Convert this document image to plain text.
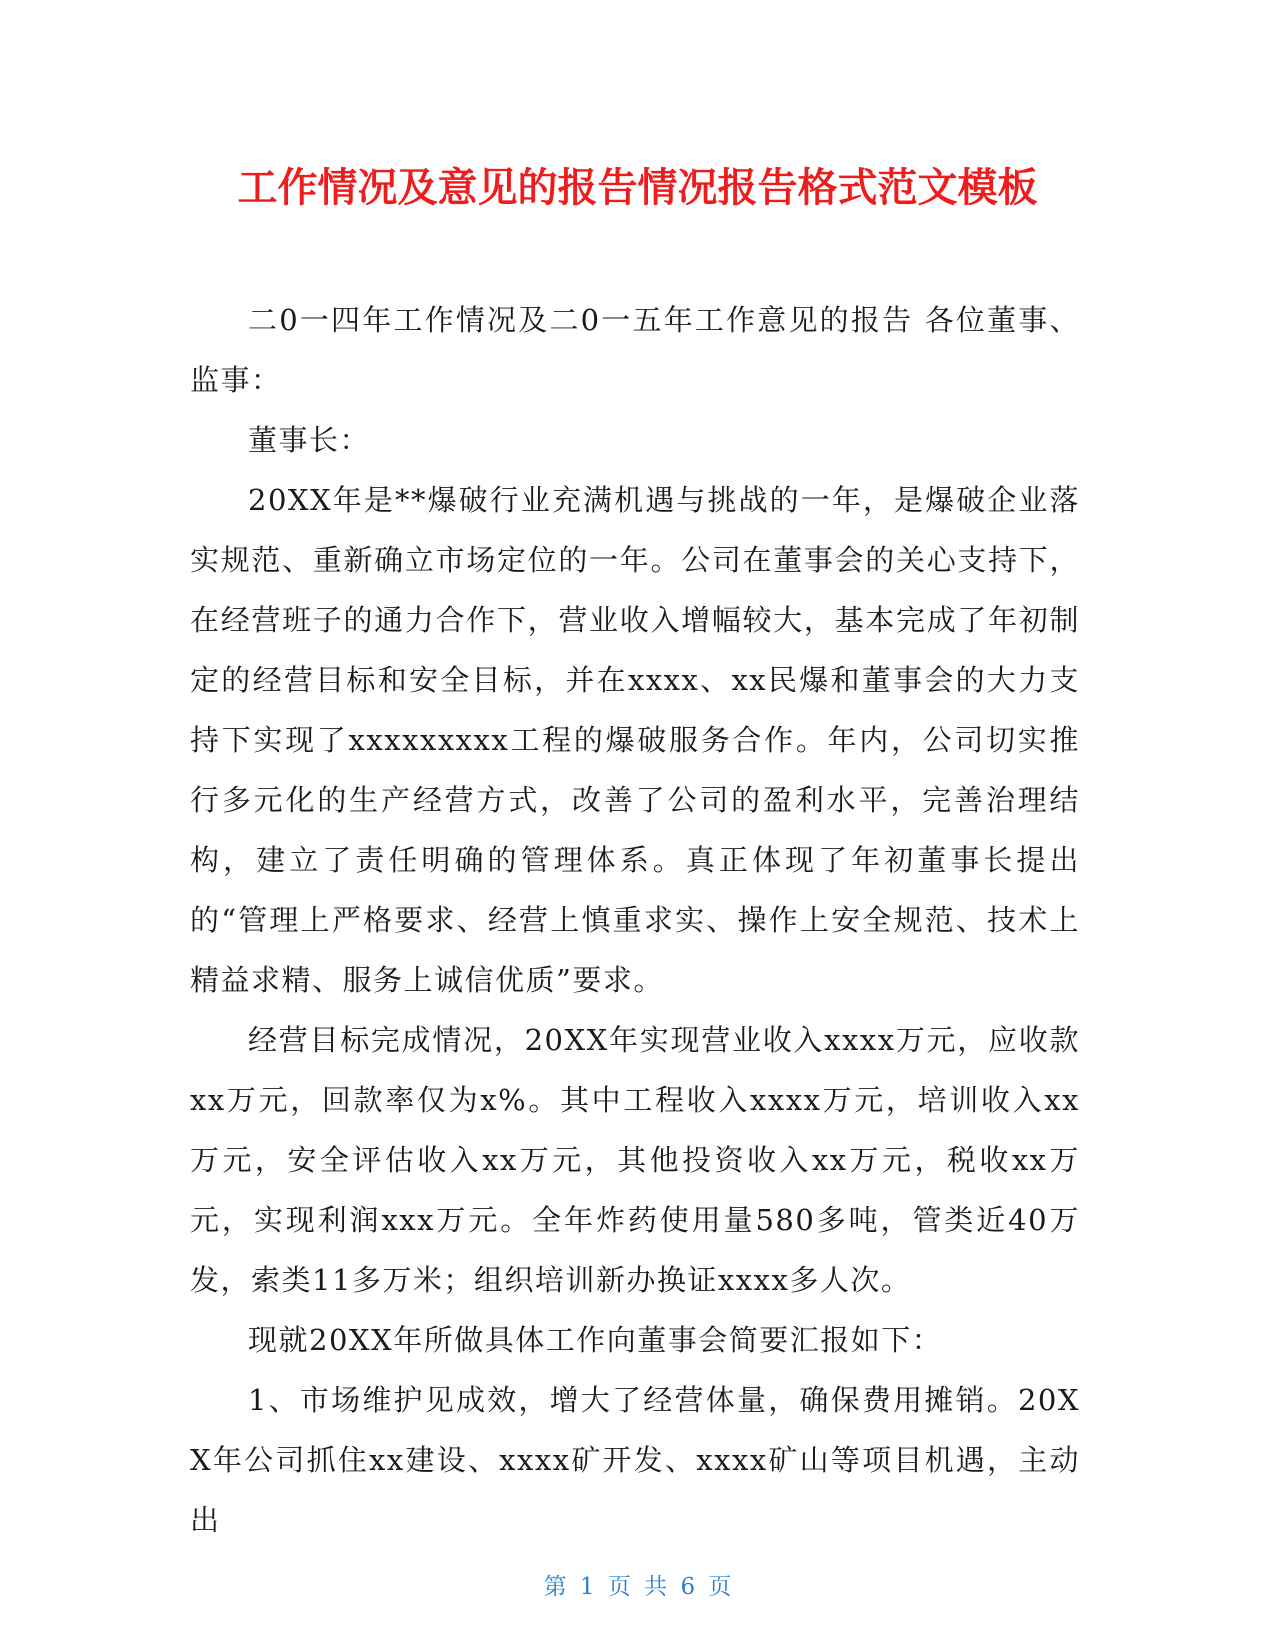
工作情况及意见的报告情况报告格式范文模板

二0一四年工作情况及二0一五年工作意见的报告 各位董事、监事：

董事长：

20XX年是**爆破行业充满机遇与挑战的一年，是爆破企业落实规范、重新确立市场定位的一年。公司在董事会的关心支持下，在经营班子的通力合作下，营业收入增幅较大，基本完成了年初制定的经营目标和安全目标，并在xxxx、xx民爆和董事会的大力支持下实现了xxxxxxxxx工程的爆破服务合作。年内，公司切实推行多元化的生产经营方式，改善了公司的盈利水平，完善治理结构，建立了责任明确的管理体系。真正体现了年初董事长提出的“管理上严格要求、经营上慎重求实、操作上安全规范、技术上精益求精、服务上诚信优质”要求。

经营目标完成情况，20XX年实现营业收入xxxx万元，应收款xx万元，回款率仅为x%。其中工程收入xxxx万元，培训收入xx万元，安全评估收入xx万元，其他投资收入xx万元，税收xx万元，实现利润xxx万元。全年炸药使用量580多吨，管类近40万发，索类11多万米；组织培训新办换证xxxx多人次。

现就20XX年所做具体工作向董事会简要汇报如下：

1、市场维护见成效，增大了经营体量，确保费用摊销。20XX年公司抓住xx建设、xxxx矿开发、xxxx矿山等项目机遇，主动出

第 1 页 共 6 页
